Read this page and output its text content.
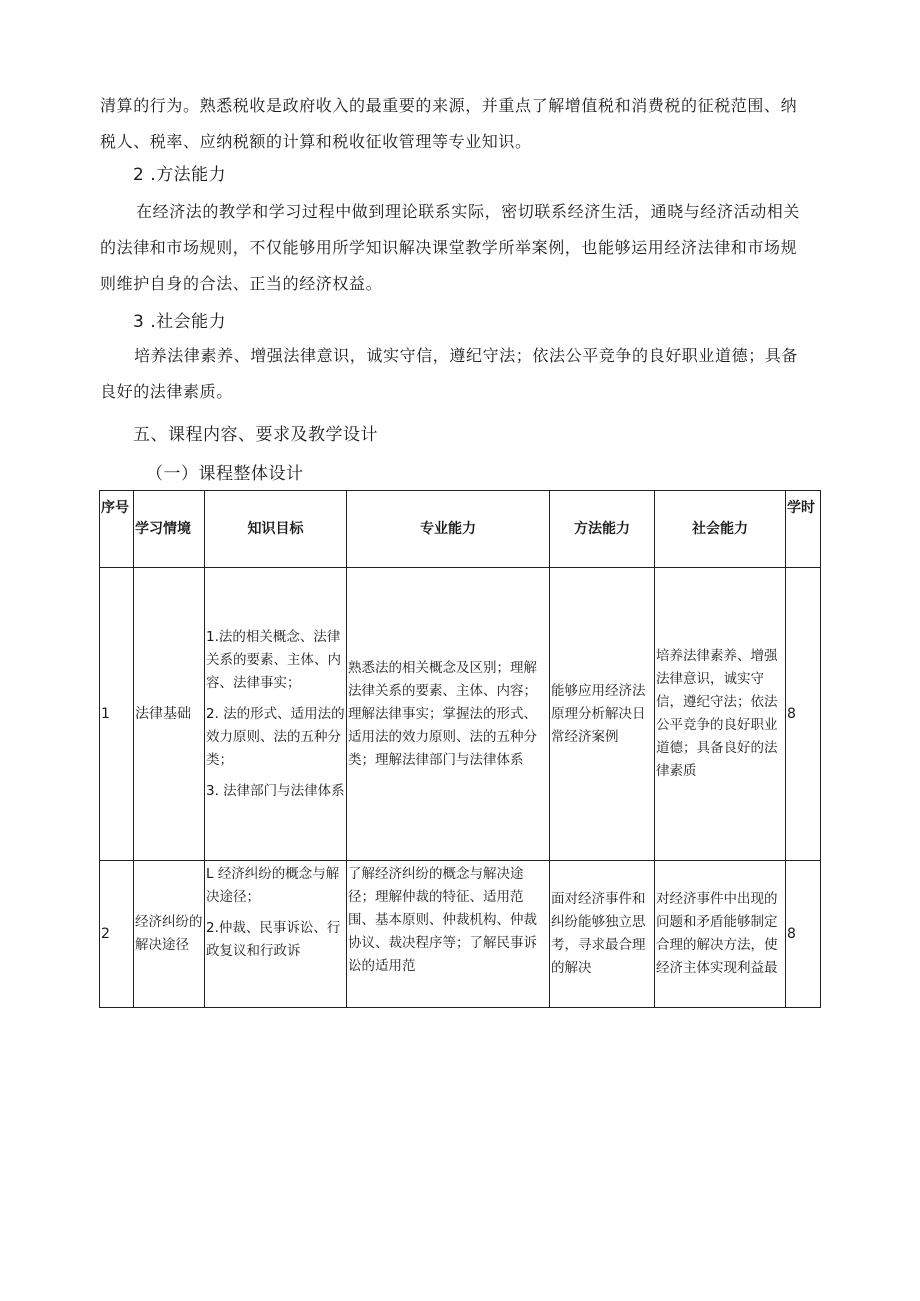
清算的行为。熟悉税收是政府收入的最重要的来源，并重点了解增值税和消费税的征税范围、纳
税人、税率、应纳税额的计算和税收征收管理等专业知识。

2 .方法能力

在经济法的教学和学习过程中做到理论联系实际，密切联系经济生活，通晓与经济活动相关
的法律和市场规则，不仅能够用所学知识解决课堂教学所举案例，也能够运用经济法律和市场规
则维护自身的合法、正当的经济权益。

3 .社会能力

培养法律素养、增强法律意识，诚实守信，遵纪守法；依法公平竞争的良好职业道德；具备
良好的法律素质。

五、课程内容、要求及教学设计

（一）课程整体设计

序号	学习情境	知识目标	专业能力	方法能力	社会能力	学时
1	法律基础	1.法的相关概念、法律关系的要素、主体、内容、法律事实；
2. 法的形式、适用法的效力原则、法的五种分类；
3. 法律部门与法律体系	熟悉法的相关概念及区别；理解法律关系的要素、主体、内容；理解法律事实；掌握法的形式、适用法的效力原则、法的五种分类；理解法律部门与法律体系	能够应用经济法原理分析解决日常经济案例	培养法律素养、增强法律意识，诚实守信，遵纪守法；依法公平竞争的良好职业道德；具备良好的法律素质	8
2	经济纠纷的解决途径	L 经济纠纷的概念与解决途径；
2.仲裁、民事诉讼、行政复议和行政诉	了解经济纠纷的概念与解决途径；理解仲裁的特征、适用范围、基本原则、仲裁机构、仲裁协议、裁决程序等；了解民事诉讼的适用范	面对经济事件和纠纷能够独立思考，寻求最合理的解决	对经济事件中出现的问题和矛盾能够制定合理的解决方法，使经济主体实现利益最	8
